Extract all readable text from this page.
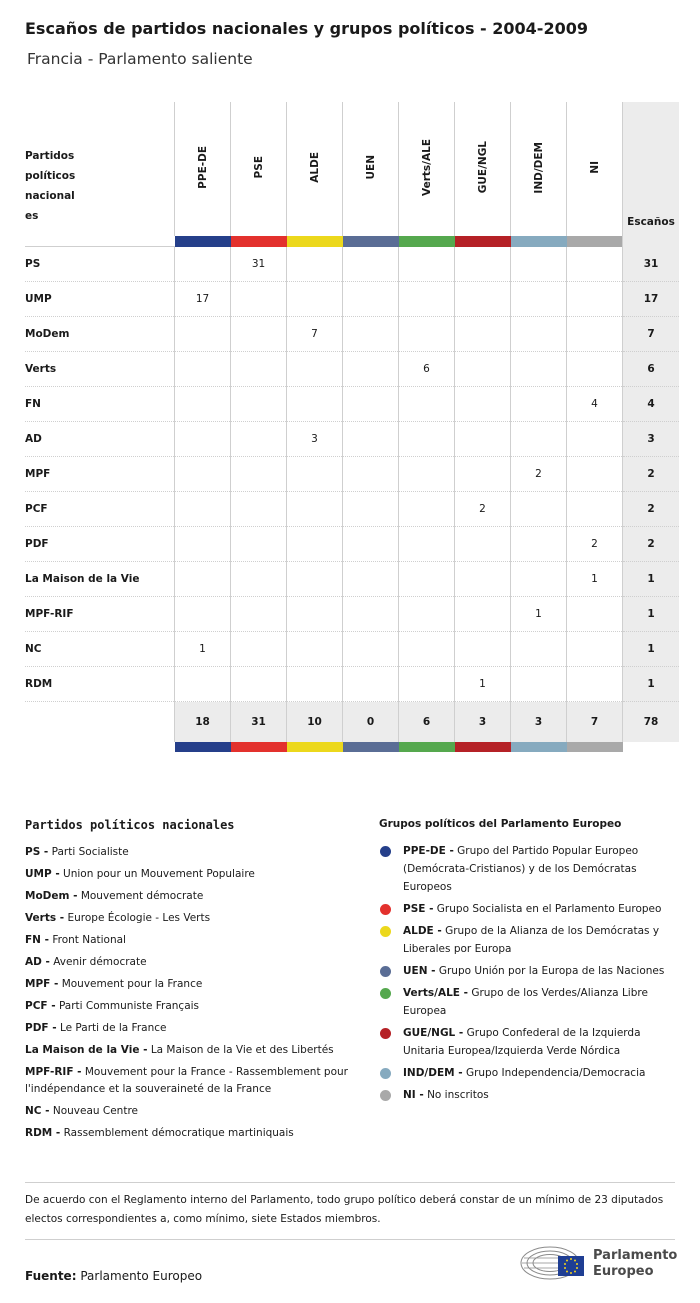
Escaños de partidos nacionales y grupos políticos - 2004-2009
Francia - Parlamento saliente
Partidos políticos nacional es	PPE-DE	PSE	ALDE	UEN	Verts/ALE	GUE/NGL	IND/DEM	NI	Escaños

PS		31							31
UMP	17								17
MoDem			7						7
Verts					6				6
FN								4	4
AD			3						3
MPF							2		2
PCF						2			2
PDF								2	2
La Maison de la Vie								1	1
MPF-RIF							1		1
NC	1								1
RDM						1			1
	18	31	10	0	6	3	3	7	78

Partidos políticos nacionales
PS - Parti Socialiste
UMP - Union pour un Mouvement Populaire
MoDem - Mouvement démocrate
Verts - Europe Écologie - Les Verts
FN - Front National
AD - Avenir démocrate
MPF - Mouvement pour la France
PCF - Parti Communiste Français
PDF - Le Parti de la France
La Maison de la Vie - La Maison de la Vie et des Libertés
MPF-RIF - Mouvement pour la France - Rassemblement pour l'indépendance et la souveraineté de la France
NC - Nouveau Centre
RDM - Rassemblement démocratique martiniquais
Grupos políticos del Parlamento Europeo
PPE-DE - Grupo del Partido Popular Europeo (Demócrata-Cristianos) y de los Demócratas Europeos
PSE - Grupo Socialista en el Parlamento Europeo
ALDE - Grupo de la Alianza de los Demócratas y Liberales por Europa
UEN - Grupo Unión por la Europa de las Naciones
Verts/ALE - Grupo de los Verdes/Alianza Libre Europea
GUE/NGL - Grupo Confederal de la Izquierda Unitaria Europea/Izquierda Verde Nórdica
IND/DEM - Grupo Independencia/Democracia
NI - No inscritos
De acuerdo con el Reglamento interno del Parlamento, todo grupo político deberá constar de un mínimo de 23 diputados electos correspondientes a, como mínimo, siete Estados miembros.
Fuente: Parlamento Europeo
Parlamento
Europeo
